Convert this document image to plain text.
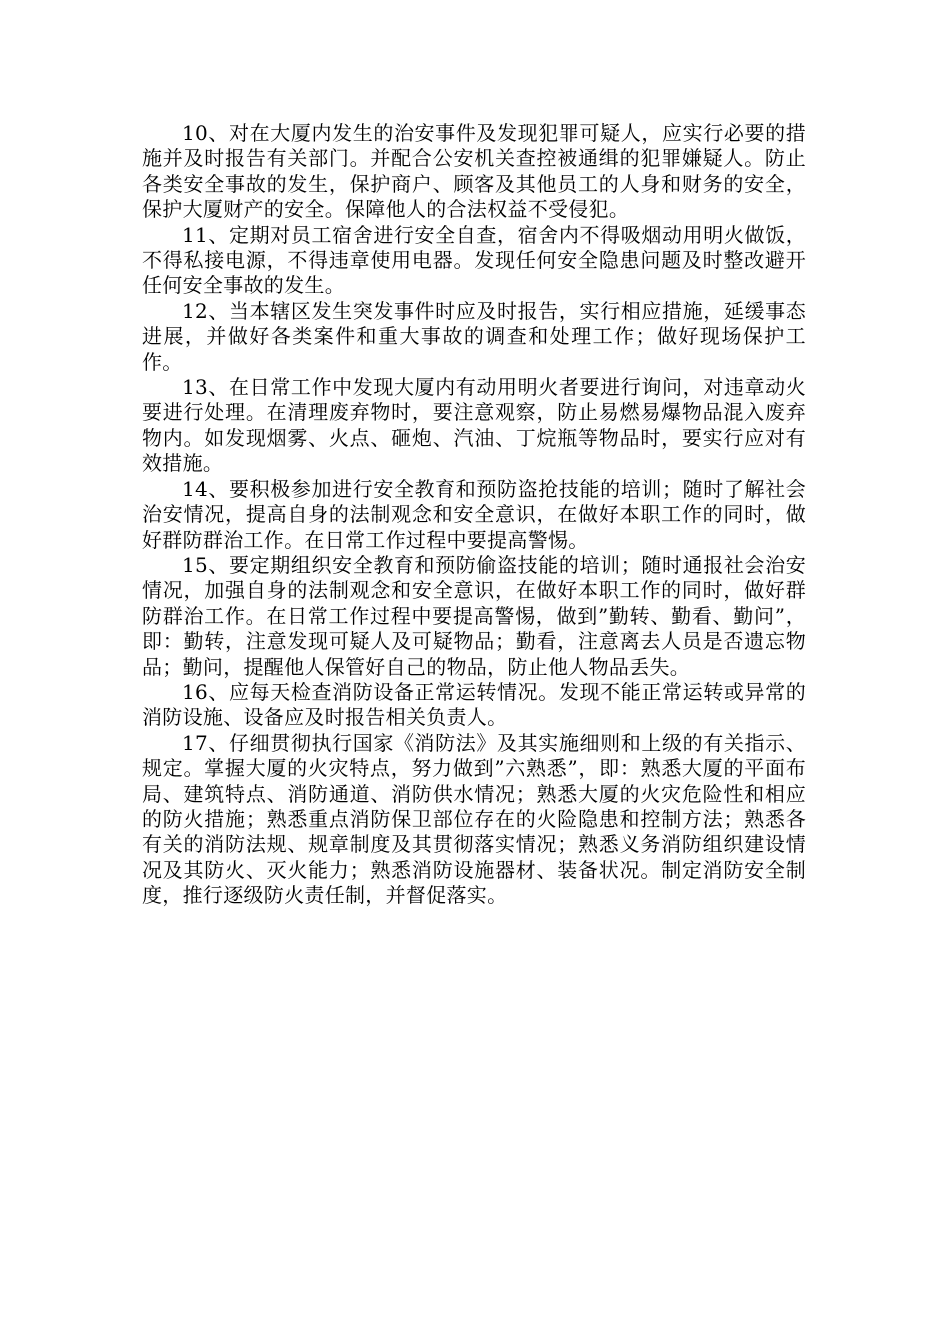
10、对在大厦内发生的治安事件及发现犯罪可疑人，应实行必要的措施并及时报告有关部门。并配合公安机关查控被通缉的犯罪嫌疑人。防止各类安全事故的发生，保护商户、顾客及其他员工的人身和财务的安全，保护大厦财产的安全。保障他人的合法权益不受侵犯。

11、定期对员工宿舍进行安全自查，宿舍内不得吸烟动用明火做饭，不得私接电源，不得违章使用电器。发现任何安全隐患问题及时整改避开任何安全事故的发生。

12、当本辖区发生突发事件时应及时报告，实行相应措施，延缓事态进展，并做好各类案件和重大事故的调查和处理工作；做好现场保护工作。

13、在日常工作中发现大厦内有动用明火者要进行询问，对违章动火要进行处理。在清理废弃物时，要注意观察，防止易燃易爆物品混入废弃物内。如发现烟雾、火点、砸炮、汽油、丁烷瓶等物品时，要实行应对有效措施。

14、要积极参加进行安全教育和预防盗抢技能的培训；随时了解社会治安情况，提高自身的法制观念和安全意识，在做好本职工作的同时，做好群防群治工作。在日常工作过程中要提高警惕。

15、要定期组织安全教育和预防偷盗技能的培训；随时通报社会治安情况，加强自身的法制观念和安全意识，在做好本职工作的同时，做好群防群治工作。在日常工作过程中要提高警惕，做到”勤转、勤看、勤问”，即：勤转，注意发现可疑人及可疑物品；勤看，注意离去人员是否遗忘物品；勤问，提醒他人保管好自己的物品，防止他人物品丢失。

16、应每天检查消防设备正常运转情况。发现不能正常运转或异常的消防设施、设备应及时报告相关负责人。

17、仔细贯彻执行国家《消防法》及其实施细则和上级的有关指示、规定。掌握大厦的火灾特点，努力做到”六熟悉”，即：熟悉大厦的平面布局、建筑特点、消防通道、消防供水情况；熟悉大厦的火灾危险性和相应的防火措施；熟悉重点消防保卫部位存在的火险隐患和控制方法；熟悉各有关的消防法规、规章制度及其贯彻落实情况；熟悉义务消防组织建设情况及其防火、灭火能力；熟悉消防设施器材、装备状况。制定消防安全制度，推行逐级防火责任制，并督促落实。
